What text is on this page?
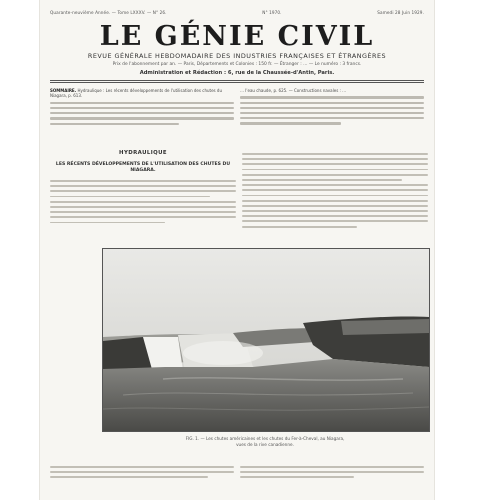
Quarante-neuvième Année. — Tome LXXXV. — N° 26.	N° 1970.	Samedi 28 Juin 1929.
LE GÉNIE CIVIL
REVUE GÉNÉRALE HEBDOMADAIRE DES INDUSTRIES FRANÇAISES ET ÉTRANGÈRES
Prix de l'abonnement par an. — Paris, Départements et Colonies : 150 fr. — Étranger : … — Le numéro : 3 francs.
Administration et Rédaction : 6, rue de la Chaussée-d'Antin, Paris.
SOMMAIRE. Hydraulique : Les récents développements de l'utilisation des chutes du Niagara, p. 613.
… l'eau chaude, p. 625. — Constructions navales : …
HYDRAULIQUE
LES RÉCENTS DÉVELOPPEMENTS DE L'UTILISATION DES CHUTES DU NIAGARA.
FIG. 1. — Les chutes américaines et les chutes du Fer-à-Cheval, au Niagara,
vues de la rive canadienne.
